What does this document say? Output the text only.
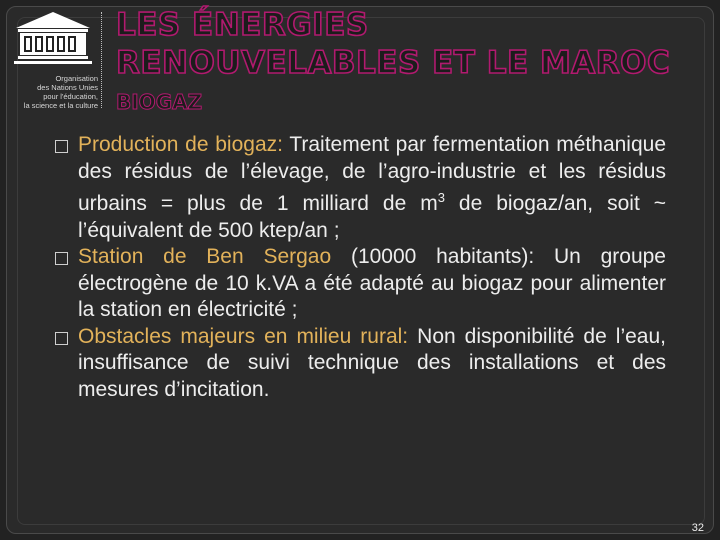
Organisation
des Nations Unies
pour l'éducation,
la science et la culture
LES ÉNERGIES
RENOUVELABLES ET LE MAROC
BIOGAZ
Production de biogaz: Traitement par fermentation méthanique des résidus de l’élevage, de l’agro-industrie et les résidus urbains = plus de 1 milliard de $m^3$ de biogaz/an, soit ~ l’équivalent de 500 ktep/an ;
Station de Ben Sergao (10000 habitants): Un groupe électrogène de 10 k.VA a été adapté au biogaz pour alimenter la station en électricité ;
Obstacles majeurs en milieu rural: Non disponibilité de l’eau, insuffisance de suivi technique des installations et des mesures d’incitation.
32
